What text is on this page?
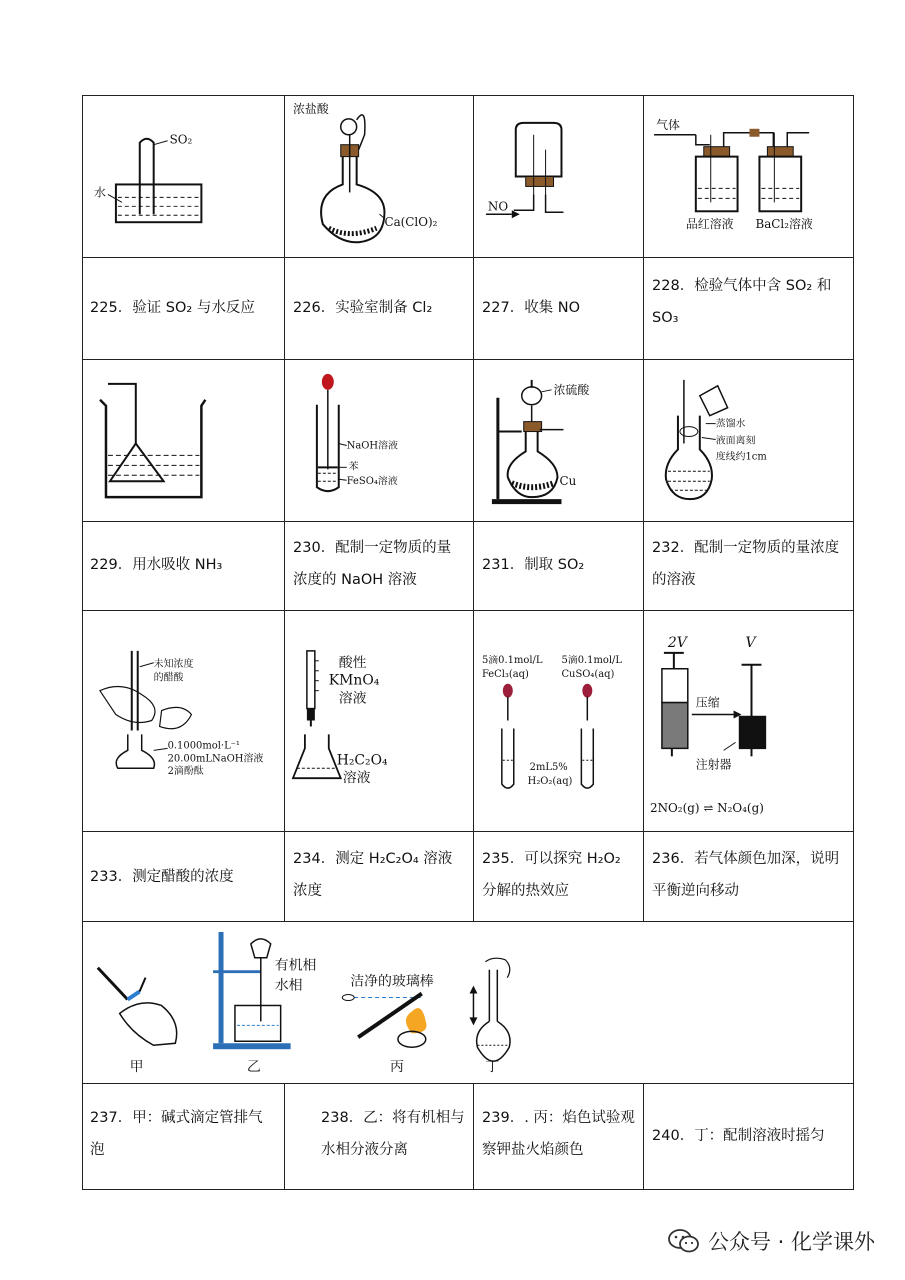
SO₂
水
浓盐酸
Ca(ClO)₂
NO
气体
品红溶液 BaCl₂溶液
225．验证 SO₂ 与水反应	226．实验室制备 Cl₂	227．收集 NO
228．检验气体中含 SO₂ 和 SO₃
NaOH溶液
苯
FeSO₄溶液
浓硫酸
Cu
蒸馏水
液面离刻
度线约1cm
229．用水吸收 NH₃
230．配制一定物质的量浓度的 NaOH 溶液
231．制取 SO₂
232．配制一定物质的量浓度的溶液
未知浓度
的醋酸
0.1000mol·L⁻¹
20.00mLNaOH溶液
2滴酚酞
酸性
KMnO₄
溶液
H₂C₂O₄
溶液
5滴0.1mol/L
FeCl₃(aq)
5滴0.1mol/L
CuSO₄(aq)
2mL5%
H₂O₂(aq)
2V	V
压缩
注射器
2NO₂(g) ⇌ N₂O₄(g)
233．测定醋酸的浓度
234．测定 H₂C₂O₄ 溶液浓度
235．可以探究 H₂O₂ 分解的热效应
236．若气体颜色加深，说明平衡逆向移动
甲	乙	丙	丁
有机相
水相	洁净的玻璃棒
237．甲：碱式滴定管排气泡
238．乙：将有机相与水相分液分离
239．. 丙：焰色试验观察钾盐火焰颜色
240．丁：配制溶液时摇匀
公众号 · 化学课外
